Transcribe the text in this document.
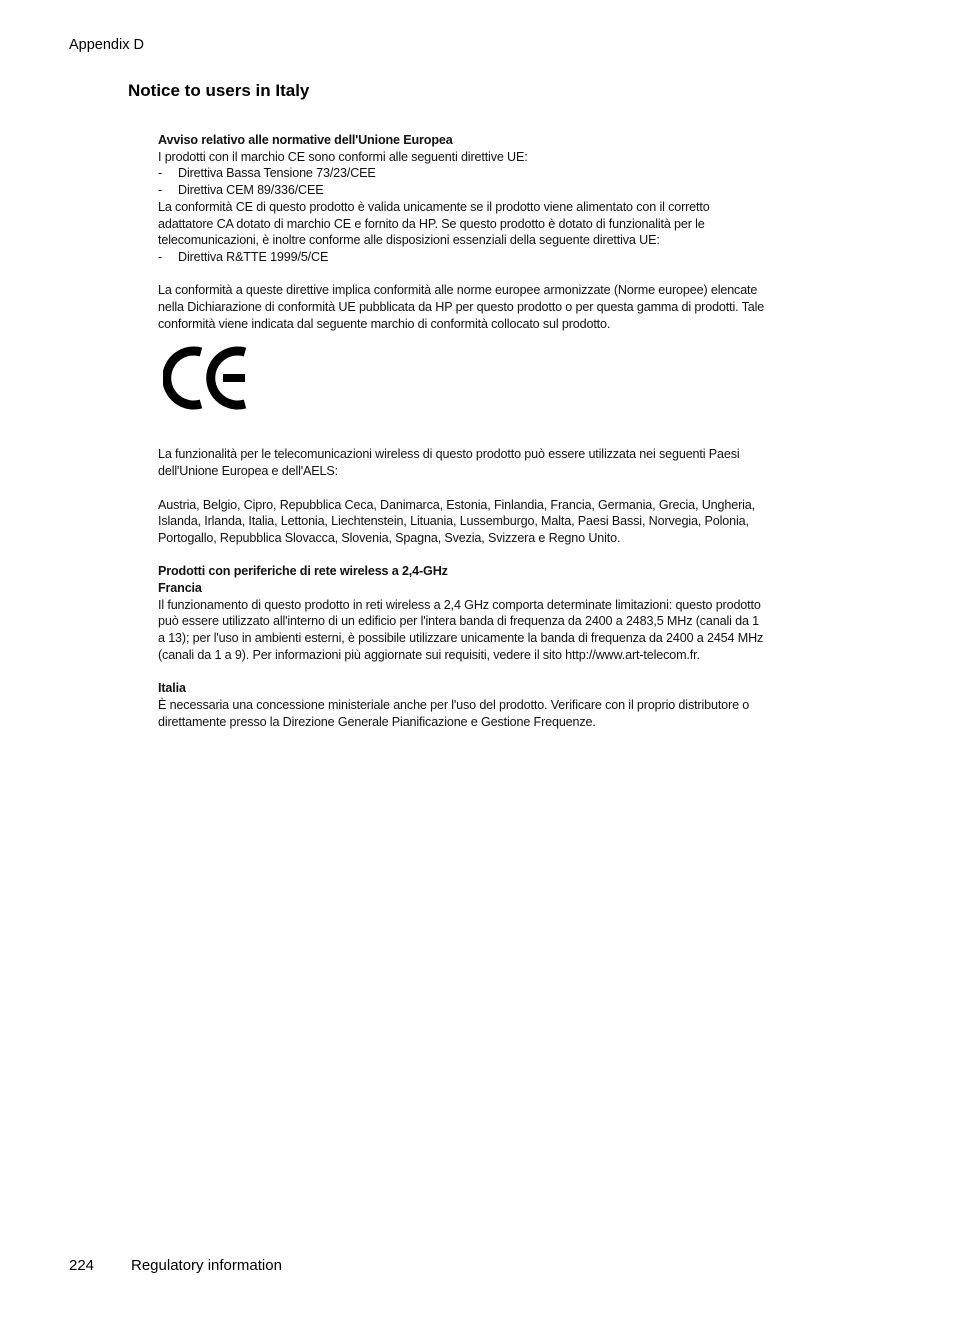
Appendix D
Notice to users in Italy

Avviso relativo alle normative dell'Unione Europea

I prodotti con il marchio CE sono conformi alle seguenti direttive UE:

-	Direttiva Bassa Tensione 73/23/CEE
-	Direttiva CEM 89/336/CEE

La conformità CE di questo prodotto è valida unicamente se il prodotto viene alimentato con il corretto adattatore CA dotato di marchio CE e fornito da HP. Se questo prodotto è dotato di funzionalità per le telecomunicazioni, è inoltre conforme alle disposizioni essenziali della seguente direttiva UE:

-	Direttiva R&TTE 1999/5/CE

La conformità a queste direttive implica conformità alle norme europee armonizzate (Norme europee) elencate nella Dichiarazione di conformità UE pubblicata da HP per questo prodotto o per questa gamma di prodotti. Tale conformità viene indicata dal seguente marchio di conformità collocato sul prodotto.

La funzionalità per le telecomunicazioni wireless di questo prodotto può essere utilizzata nei seguenti Paesi dell'Unione Europea e dell'AELS:

Austria, Belgio, Cipro, Repubblica Ceca, Danimarca, Estonia, Finlandia, Francia, Germania, Grecia, Ungheria, Islanda, Irlanda, Italia, Lettonia, Liechtenstein, Lituania, Lussemburgo, Malta, Paesi Bassi, Norvegia, Polonia, Portogallo, Repubblica Slovacca, Slovenia, Spagna, Svezia, Svizzera e Regno Unito.

Prodotti con periferiche di rete wireless a 2,4-GHz

Francia

Il funzionamento di questo prodotto in reti wireless a 2,4 GHz comporta determinate limitazioni: questo prodotto può essere utilizzato all'interno di un edificio per l'intera banda di frequenza da 2400 a 2483,5 MHz (canali da 1 a 13); per l'uso in ambienti esterni, è possibile utilizzare unicamente la banda di frequenza da 2400 a 2454 MHz (canali da 1 a 9). Per informazioni più aggiornate sui requisiti, vedere il sito http://www.art-telecom.fr.

Italia

È necessaria una concessione ministeriale anche per l'uso del prodotto. Verificare con il proprio distributore o direttamente presso la Direzione Generale Pianificazione e Gestione Frequenze.

224 Regulatory information
